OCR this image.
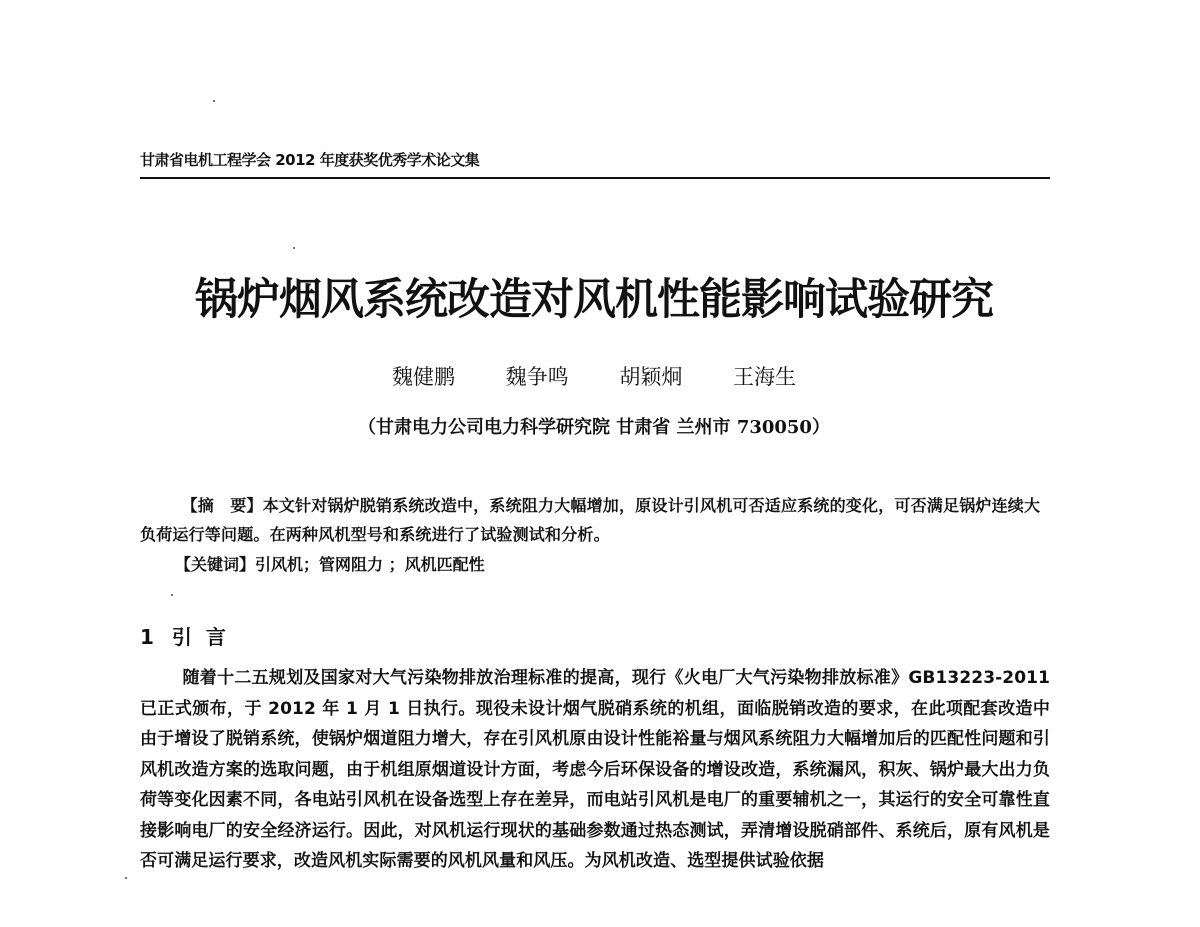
甘肃省电机工程学会 2012 年度获奖优秀学术论文集
锅炉烟风系统改造对风机性能影响试验研究
魏健鹏 魏争鸣 胡颖炯 王海生
（甘肃电力公司电力科学研究院 甘肃省 兰州市 730050）

【摘　要】本文针对锅炉脱销系统改造中，系统阻力大幅增加，原设计引风机可否适应系统的变化，可否满足锅炉连续大负荷运行等问题。在两种风机型号和系统进行了试验测试和分析。

【关键词】引风机；管网阻力 ；风机匹配性
1 引言

随着十二五规划及国家对大气污染物排放治理标准的提高，现行《火电厂大气污染物排放标准》GB13223-2011 已正式颁布，于 2012 年 1 月 1 日执行。现役未设计烟气脱硝系统的机组，面临脱销改造的要求，在此项配套改造中由于增设了脱销系统，使锅炉烟道阻力增大，存在引风机原由设计性能裕量与烟风系统阻力大幅增加后的匹配性问题和引风机改造方案的选取问题，由于机组原烟道设计方面，考虑今后环保设备的增设改造，系统漏风，积灰、锅炉最大出力负荷等变化因素不同，各电站引风机在设备选型上存在差异，而电站引风机是电厂的重要辅机之一，其运行的安全可靠性直接影响电厂的安全经济运行。因此，对风机运行现状的基础参数通过热态测试，弄清增设脱硝部件、系统后，原有风机是否可满足运行要求，改造风机实际需要的风机风量和风压。为风机改造、选型提供试验依据
